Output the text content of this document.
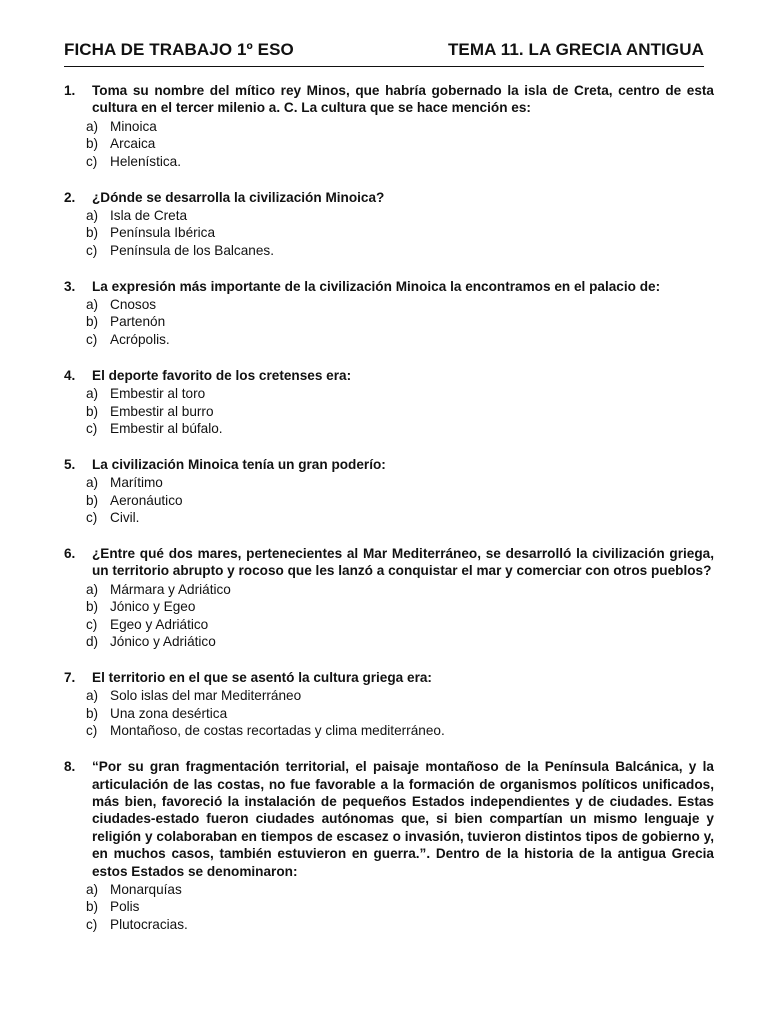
FICHA DE TRABAJO 1º ESO	TEMA 11. LA GRECIA ANTIGUA
1.	Toma su nombre del mítico rey Minos, que habría gobernado la isla de Creta, centro de esta cultura en el tercer milenio a. C. La cultura que se hace mención es:
a) Minoica
b) Arcaica
c) Helenística.
2.	¿Dónde se desarrolla la civilización Minoica?
a) Isla de Creta
b) Península Ibérica
c) Península de los Balcanes.
3.	La expresión más importante de la civilización Minoica la encontramos en el palacio de:
a) Cnosos
b) Partenón
c) Acrópolis.
4.	El deporte favorito de los cretenses era:
a) Embestir al toro
b) Embestir al burro
c) Embestir al búfalo.
5.	La civilización Minoica tenía un gran poderío:
a) Marítimo
b) Aeronáutico
c) Civil.
6.	¿Entre qué dos mares, pertenecientes al Mar Mediterráneo, se desarrolló la civilización griega, un territorio abrupto y rocoso que les lanzó a conquistar el mar y comerciar con otros pueblos?
a) Mármara y Adriático
b) Jónico y Egeo
c) Egeo y Adriático
d) Jónico y Adriático
7.	El territorio en el que se asentó la cultura griega era:
a) Solo islas del mar Mediterráneo
b) Una zona desértica
c) Montañoso, de costas recortadas y clima mediterráneo.
8.	“Por su gran fragmentación territorial, el paisaje montañoso de la Península Balcánica, y la articulación de las costas, no fue favorable a la formación de organismos políticos unificados, más bien, favoreció la instalación de pequeños Estados independientes y de ciudades. Estas ciudades-estado fueron ciudades autónomas que, si bien compartían un mismo lenguaje y religión y colaboraban en tiempos de escasez o invasión, tuvieron distintos tipos de gobierno y, en muchos casos, también estuvieron en guerra.”. Dentro de la historia de la antigua Grecia estos Estados se denominaron:
a) Monarquías
b) Polis
c) Plutocracias.
